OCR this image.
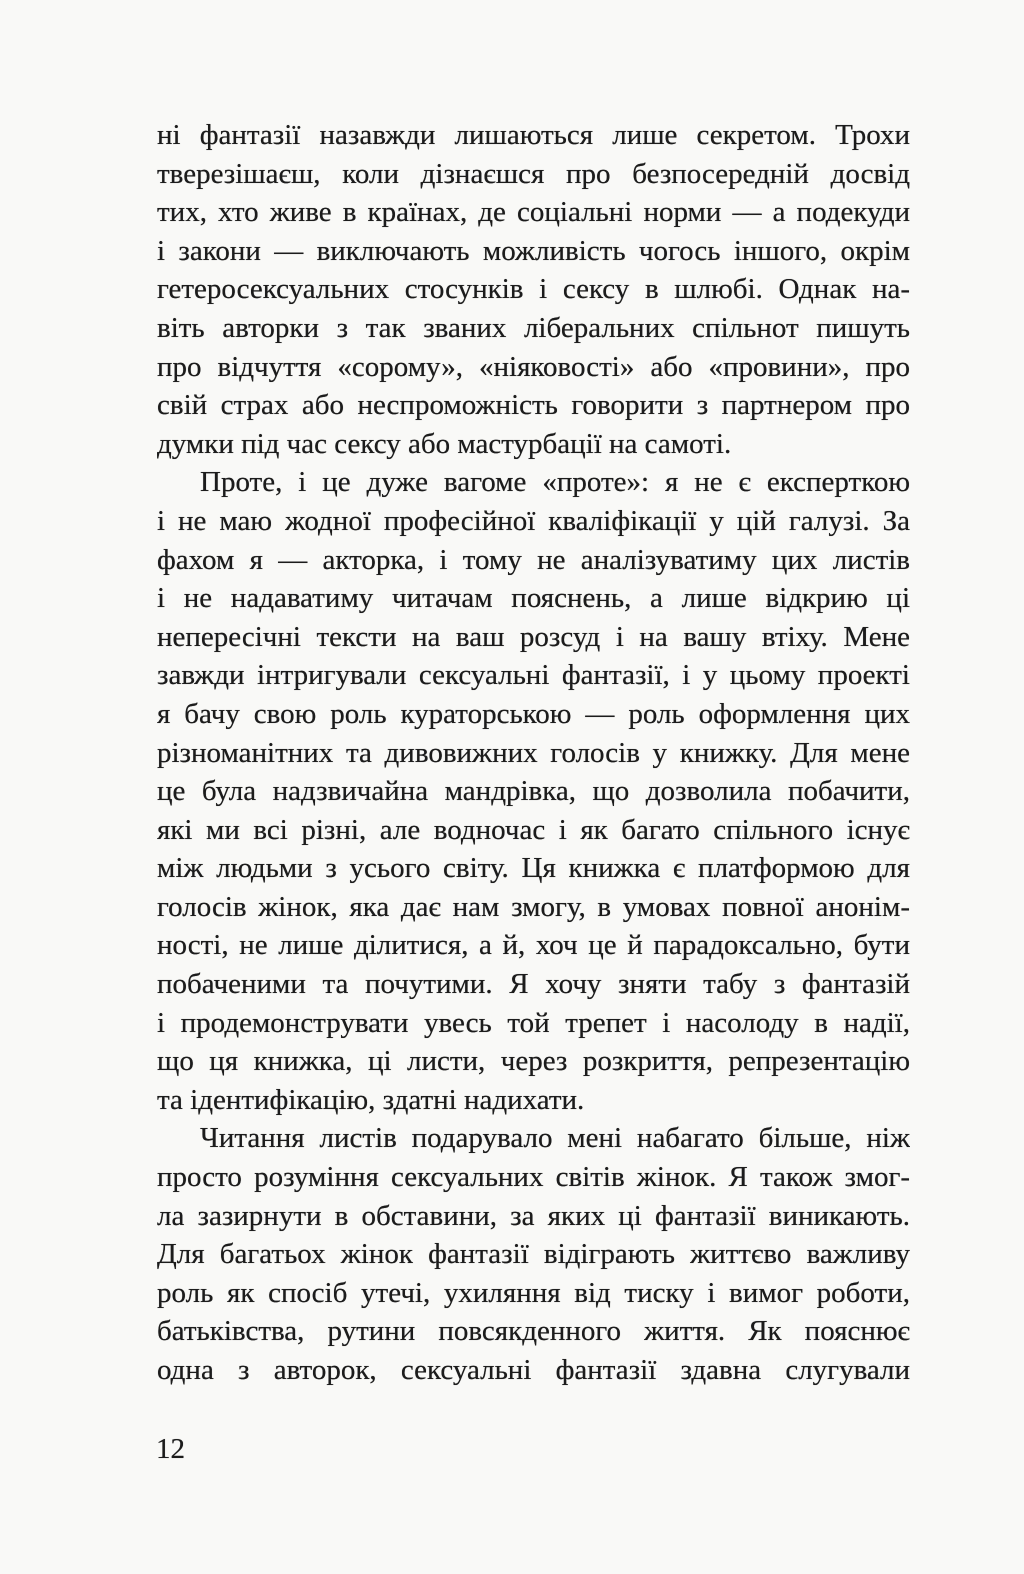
ні фантазії назавжди лишаються лише секретом. Трохи
тверезішаєш, коли дізнаєшся про безпосередній досвід
тих, хто живе в країнах, де соціальні норми — а подекуди
і закони — виключають можливість чогось іншого, окрім
гетеросексуальних стосунків і сексу в шлюбі. Однак на-
віть авторки з так званих ліберальних спільнот пишуть
про відчуття «сорому», «ніяковості» або «провини», про
свій страх або неспроможність говорити з партнером про
думки під час сексу або мастурбації на самоті.
Проте, і це дуже вагоме «проте»: я не є експерткою
і не маю жодної професійної кваліфікації у цій галузі. За
фахом я — акторка, і тому не аналізуватиму цих листів
і не надаватиму читачам пояснень, а лише відкрию ці
непересічні тексти на ваш розсуд і на вашу втіху. Мене
завжди інтригували сексуальні фантазії, і у цьому проекті
я бачу свою роль кураторською — роль оформлення цих
різноманітних та дивовижних голосів у книжку. Для мене
це була надзвичайна мандрівка, що дозволила побачити,
які ми всі різні, але водночас і як багато спільного існує
між людьми з усього світу. Ця книжка є платформою для
голосів жінок, яка дає нам змогу, в умовах повної анонім-
ності, не лише ділитися, а й, хоч це й парадоксально, бути
побаченими та почутими. Я хочу зняти табу з фантазій
і продемонструвати увесь той трепет і насолоду в надії,
що ця книжка, ці листи, через розкриття, репрезентацію
та ідентифікацію, здатні надихати.
Читання листів подарувало мені набагато більше, ніж
просто розуміння сексуальних світів жінок. Я також змог-
ла зазирнути в обставини, за яких ці фантазії виникають.
Для багатьох жінок фантазії відіграють життєво важливу
роль як спосіб утечі, ухиляння від тиску і вимог роботи,
батьківства, рутини повсякденного життя. Як пояснює
одна з авторок, сексуальні фантазії здавна слугували
12
